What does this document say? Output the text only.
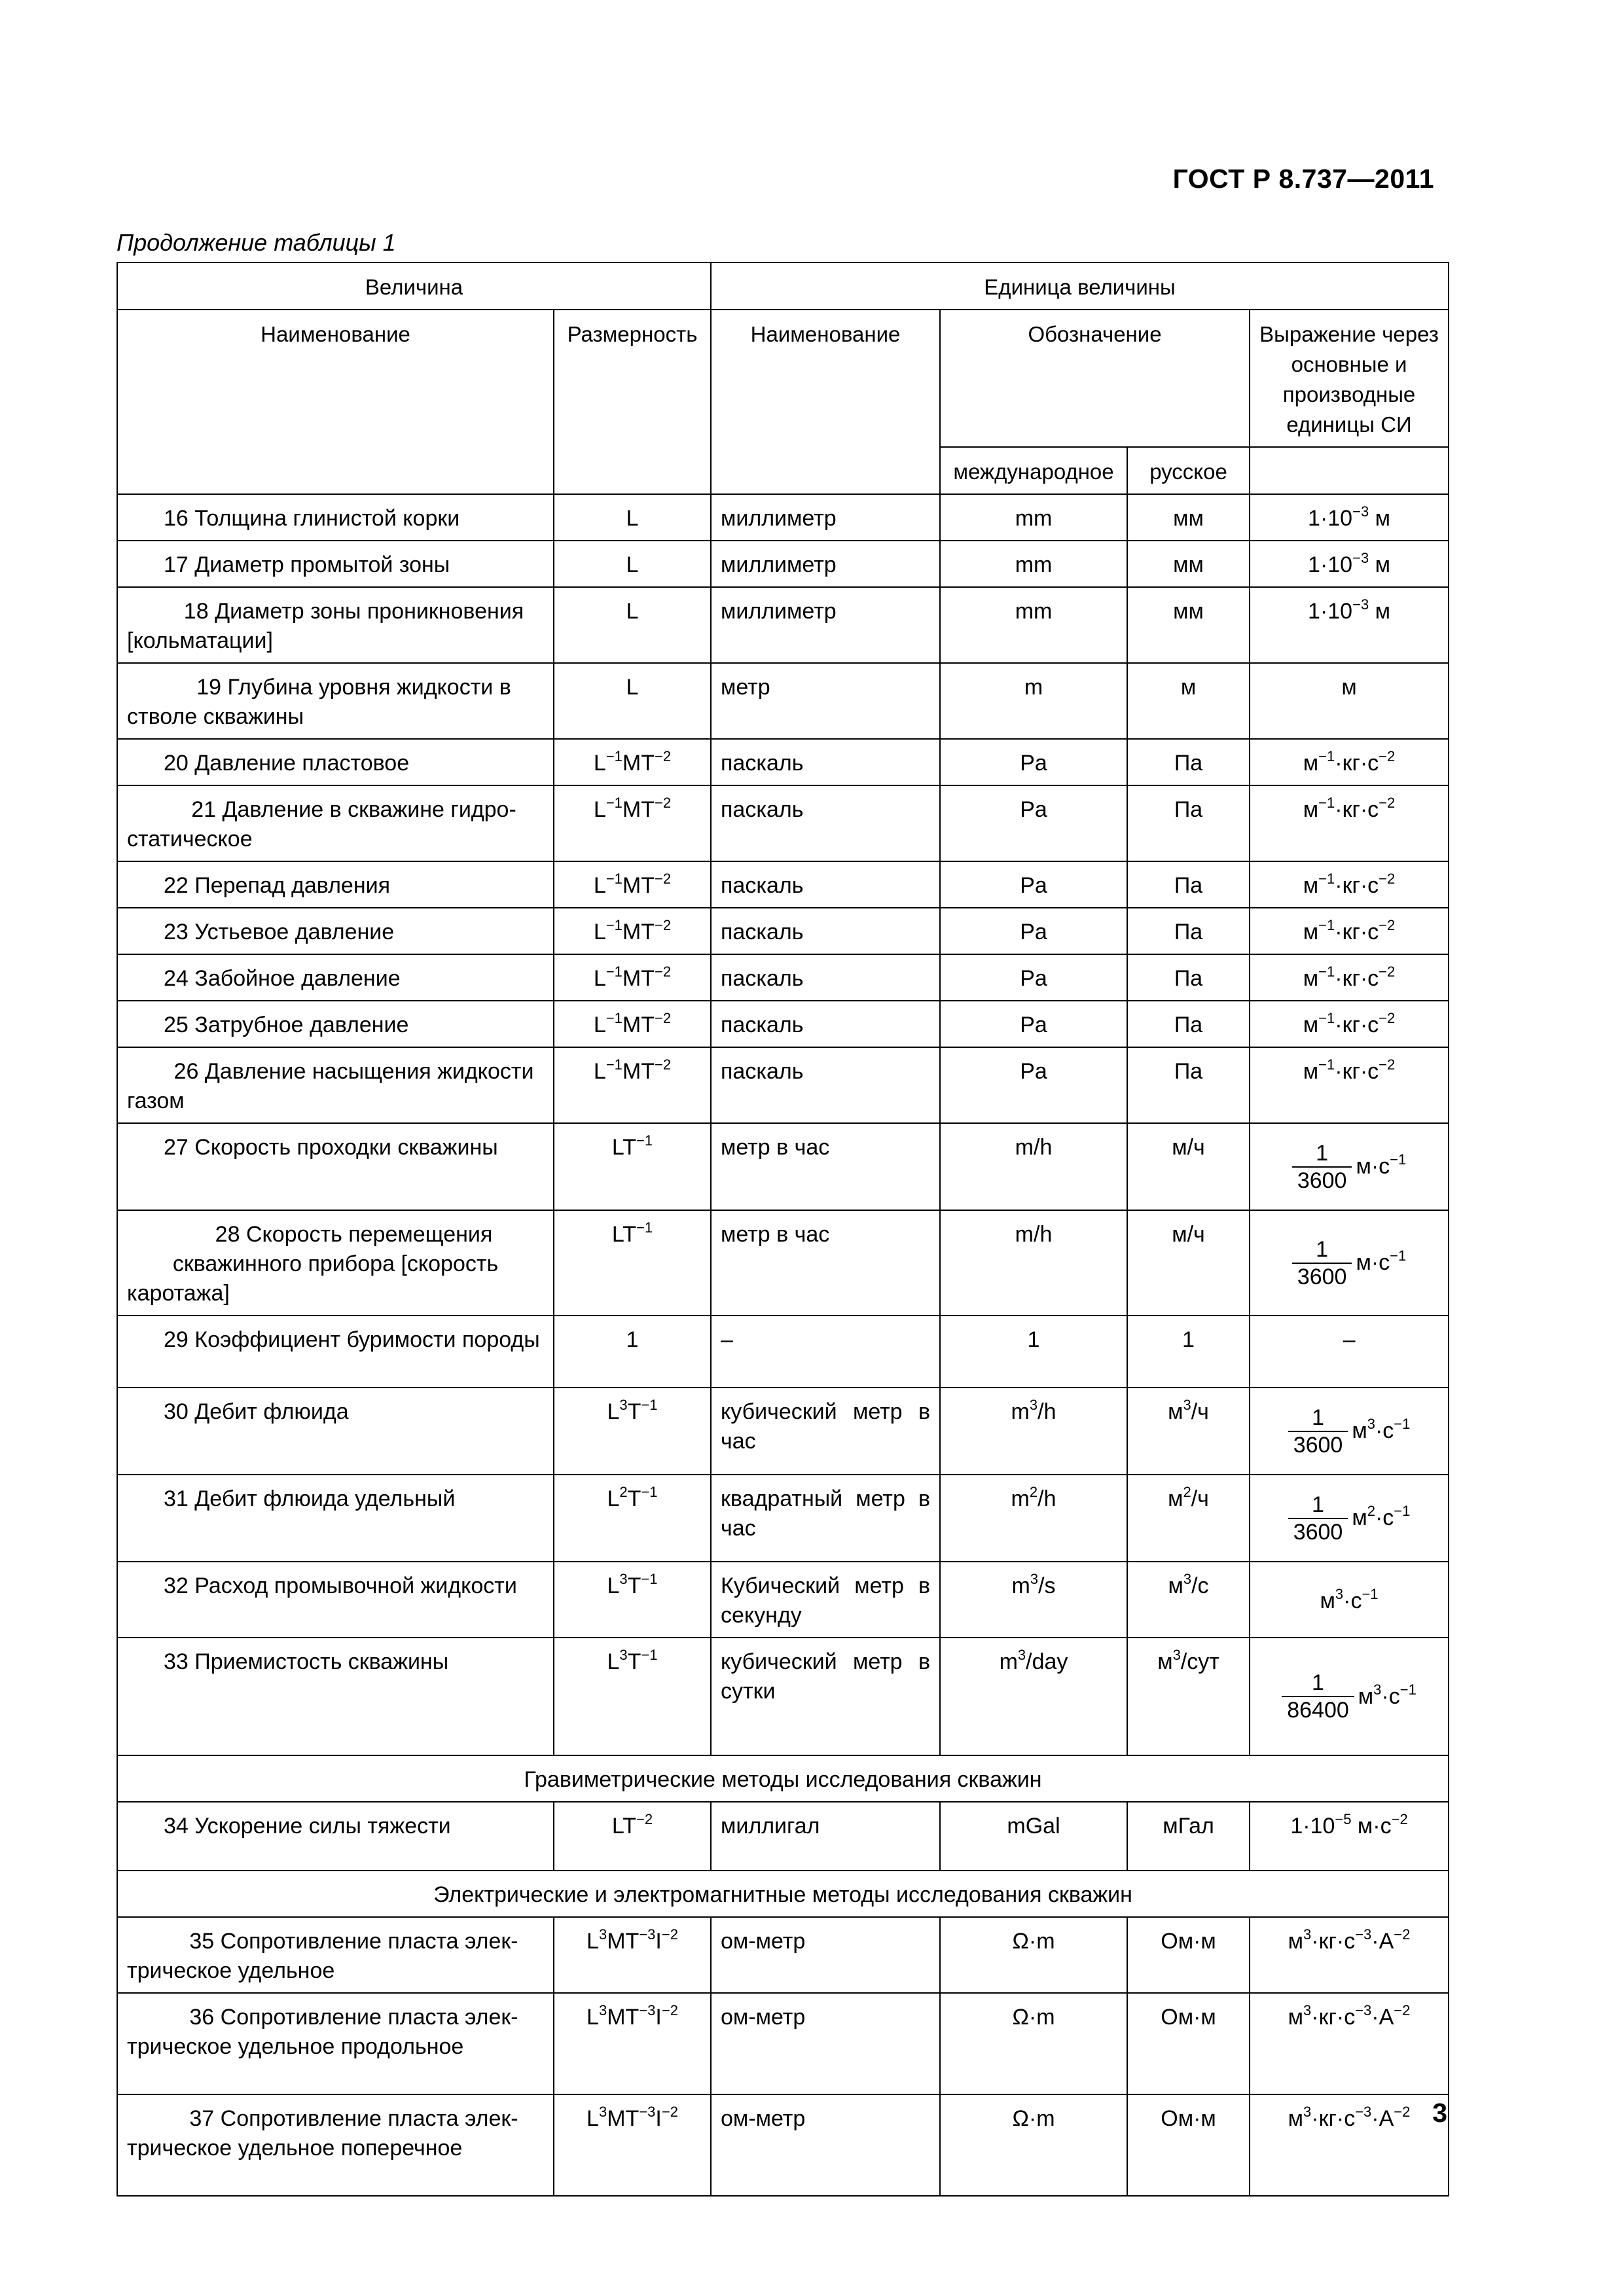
ГОСТ Р 8.737—2011
Продолжение таблицы 1
Величина		Единица величины			
Наименование	Размерность	Наименование	Обозначение		Выражение через основные и производные единицы СИ
			международное	русское	
16 Толщина глинистой корки	L	миллиметр	mm	мм	$1\cdot 10^{-3}$ м
17 Диаметр промытой зоны	L	миллиметр	mm	мм	$1\cdot 10^{-3}$ м
18 Диаметр зоны проникновения [кольматации]	L	миллиметр	mm	мм	$1\cdot 10^{-3}$ м
19 Глубина уровня жидкости в стволе скважины	L	метр	m	м	м
20 Давление пластовое	$L^{-1}MT^{-2}$	паскаль	Pa	Па	$м^{-1}\cdot кг\cdot с^{-2}$
21 Давление в скважине гидростатическое	$L^{-1}MT^{-2}$	паскаль	Pa	Па	$м^{-1}\cdot кг\cdot с^{-2}$
22 Перепад давления	$L^{-1}MT^{-2}$	паскаль	Pa	Па	$м^{-1}\cdot кг\cdot с^{-2}$
23 Устьевое давление	$L^{-1}MT^{-2}$	паскаль	Pa	Па	$м^{-1}\cdot кг\cdot с^{-2}$
24 Забойное давление	$L^{-1}MT^{-2}$	паскаль	Pa	Па	$м^{-1}\cdot кг\cdot с^{-2}$
25 Затрубное давление	$L^{-1}MT^{-2}$	паскаль	Pa	Па	$м^{-1}\cdot кг\cdot с^{-2}$
26 Давление насыщения жидкости газом	$L^{-1}MT^{-2}$	паскаль	Pa	Па	$м^{-1}\cdot кг\cdot с^{-2}$
27 Скорость проходки скважины	$LT^{-1}$	метр в час	m/h	м/ч	$\frac{1}{3600} м\cdot с^{-1}$
28 Скорость перемещения скважинного прибора [скорость каротажа]	$LT^{-1}$	метр в час	m/h	м/ч	$\frac{1}{3600} м\cdot с^{-1}$
29 Коэффициент буримости породы	1	–	1	1	–
30 Дебит флюида	$L^3T^{-1}$	кубический метр в час	$m^3/h$	$м^3/ч$	$\frac{1}{3600} м^3\cdot с^{-1}$
31 Дебит флюида удельный	$L^2T^{-1}$	квадратный метр в час	$m^2/h$	$м^2/ч$	$\frac{1}{3600} м^2\cdot с^{-1}$
32 Расход промывочной жидкости	$L^3T^{-1}$	Кубический метр в секунду	$m^3/s$	$м^3/с$	$м^3\cdot с^{-1}$
33 Приемистость скважины	$L^3T^{-1}$	кубический метр в сутки	$m^3$/day	$м^3$/сут	$\frac{1}{86400} м^3\cdot с^{-1}$
Гравиметрические методы исследования скважин					
34 Ускорение силы тяжести	$LT^{-2}$	миллигал	mGal	мГал	$1\cdot 10^{-5}$ $м\cdot с^{-2}$
Электрические и электромагнитные методы исследования скважин					
35 Сопротивление пласта электрическое удельное	$L^3MT^{-3}I^{-2}$	ом-метр	Ω·m	Ом·м	$м^3\cdot кг\cdot с^{-3}\cdot А^{-2}$
36 Сопротивление пласта электрическое удельное продольное	$L^3MT^{-3}I^{-2}$	ом-метр	Ω·m	Ом·м	$м^3\cdot кг\cdot с^{-3}\cdot А^{-2}$
37 Сопротивление пласта электрическое удельное поперечное	$L^3MT^{-3}I^{-2}$	ом-метр	Ω·m	Ом·м	$м^3\cdot кг\cdot с^{-3}\cdot А^{-2}$ 3
